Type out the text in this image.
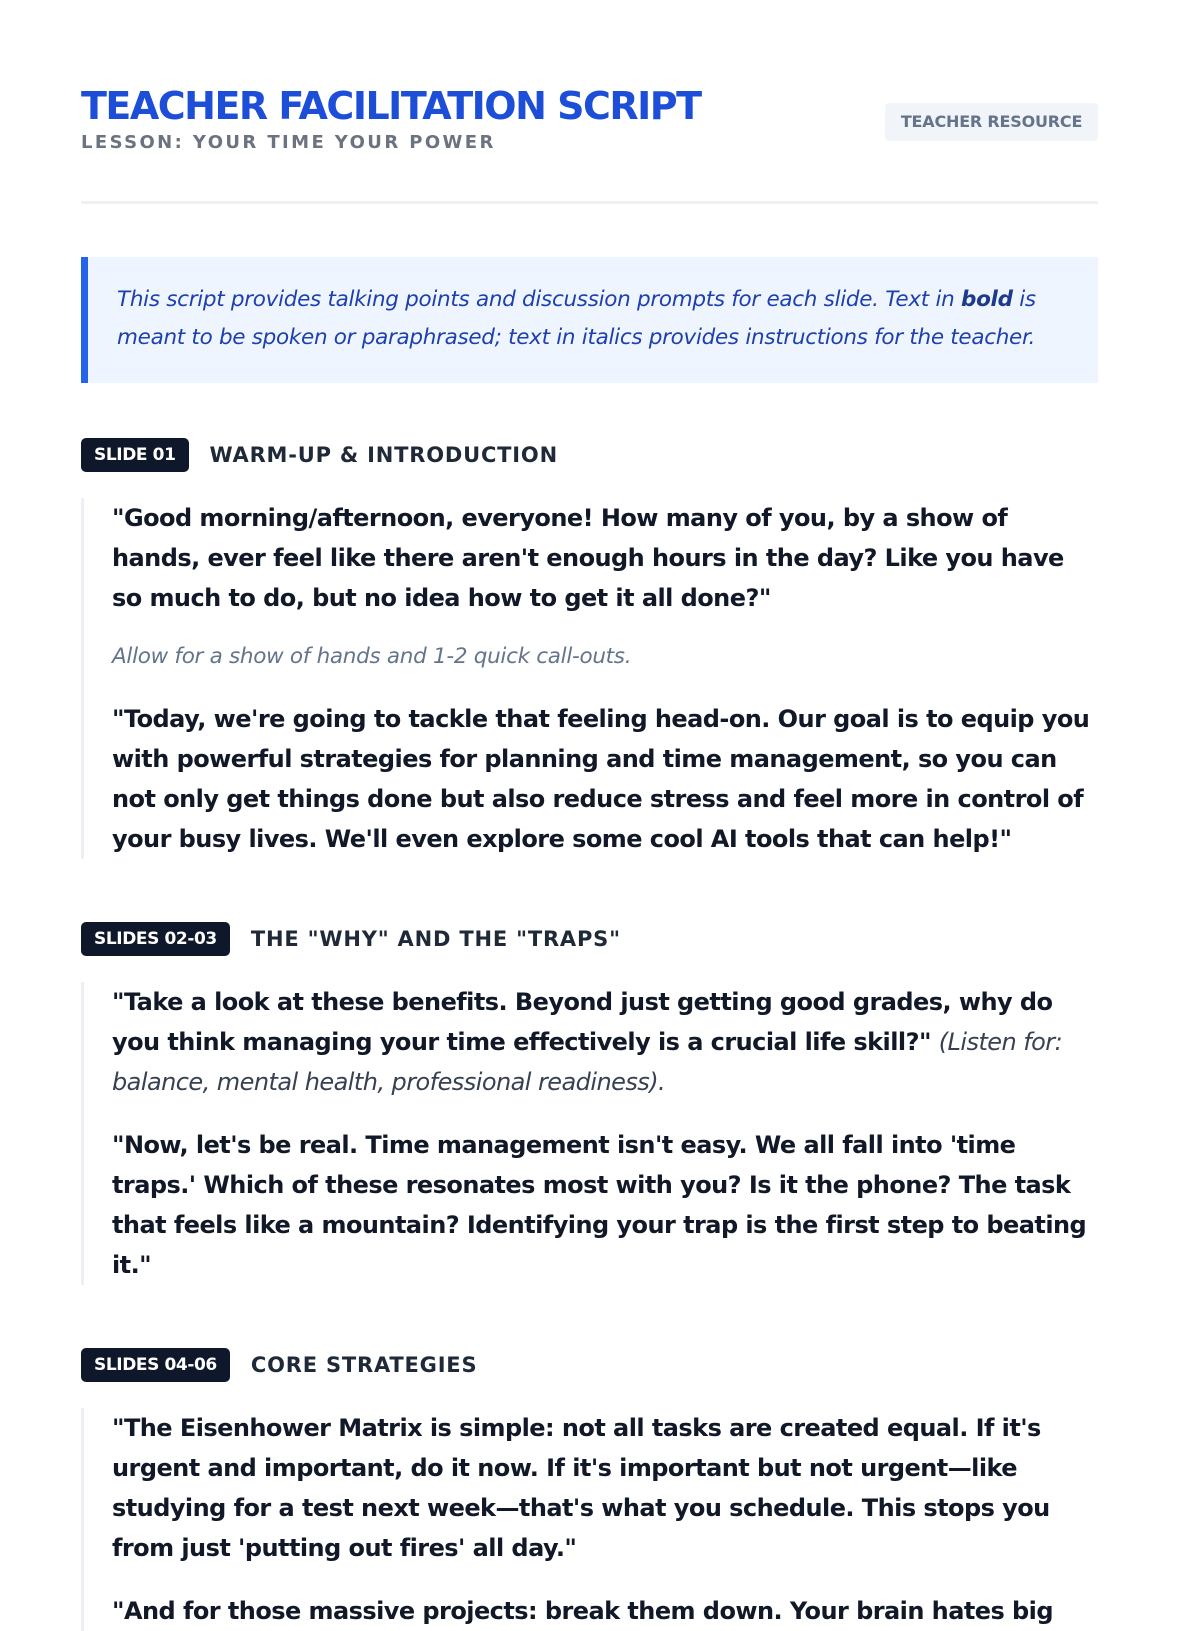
TEACHER FACILITATION SCRIPT
LESSON: YOUR TIME YOUR POWER
TEACHER RESOURCE
This script provides talking points and discussion prompts for each slide. Text in bold is meant to be spoken or paraphrased; text in italics provides instructions for the teacher.
SLIDE 01	WARM-UP & INTRODUCTION

"Good morning/afternoon, everyone! How many of you, by a show of hands, ever feel like there aren't enough hours in the day? Like you have so much to do, but no idea how to get it all done?"

Allow for a show of hands and 1-2 quick call-outs.

"Today, we're going to tackle that feeling head-on. Our goal is to equip you with powerful strategies for planning and time management, so you can not only get things done but also reduce stress and feel more in control of your busy lives. We'll even explore some cool AI tools that can help!"

SLIDES 02-03	THE "WHY" AND THE "TRAPS"

"Take a look at these benefits. Beyond just getting good grades, why do you think managing your time effectively is a crucial life skill?" (Listen for: balance, mental health, professional readiness).

"Now, let's be real. Time management isn't easy. We all fall into 'time traps.' Which of these resonates most with you? Is it the phone? The task that feels like a mountain? Identifying your trap is the first step to beating it."

SLIDES 04-06	CORE STRATEGIES

"The Eisenhower Matrix is simple: not all tasks are created equal. If it's urgent and important, do it now. If it's important but not urgent—like studying for a test next week—that's what you schedule. This stops you from just 'putting out fires' all day."

"And for those massive projects: break them down. Your brain hates big
